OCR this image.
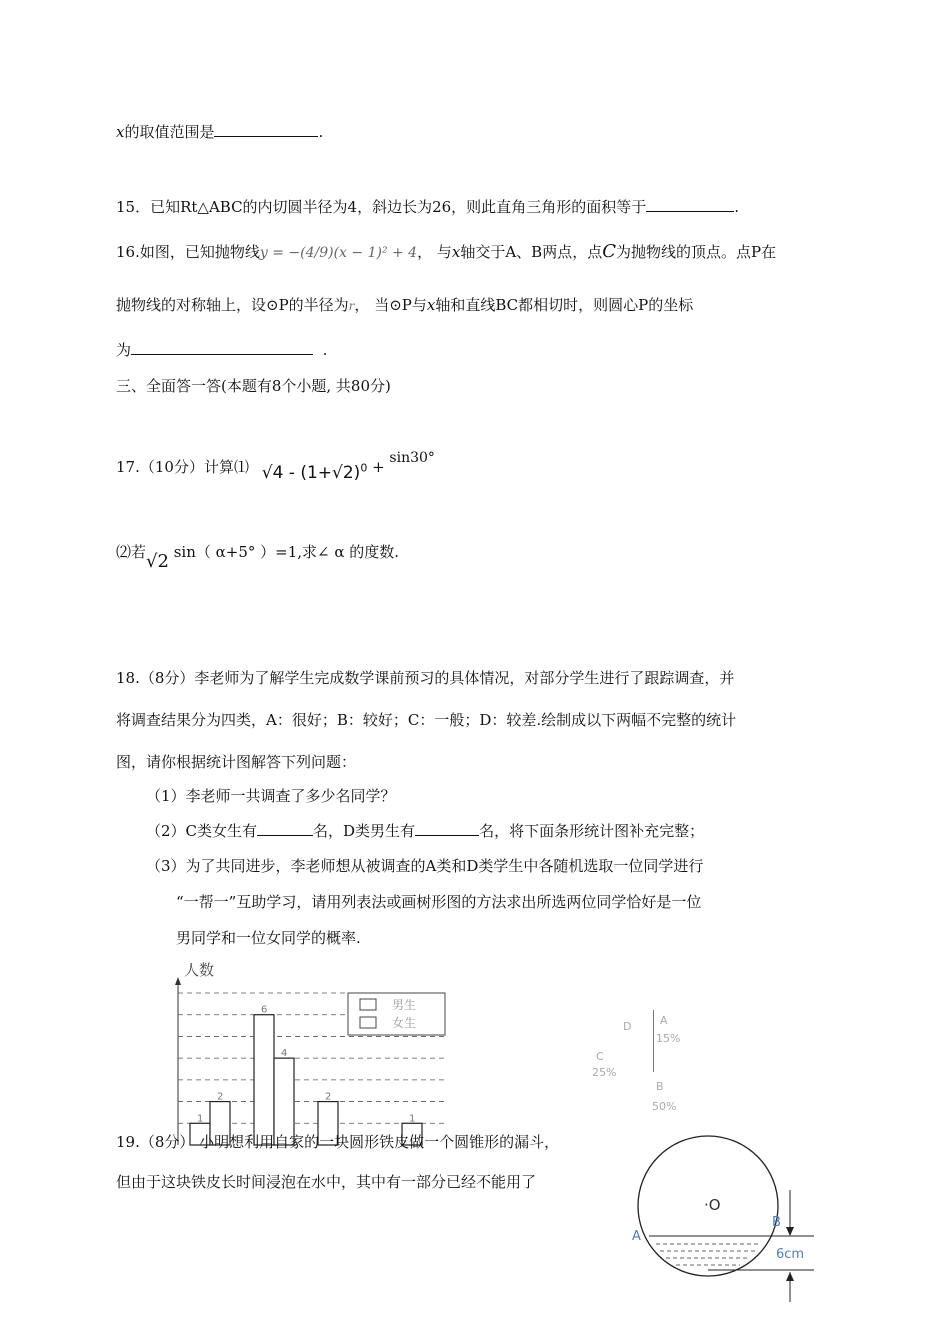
x的取值范围是	.
15．已知Rt△ABC的内切圆半径为4，斜边长为26，则此直角三角形的面积等于	.
16.如图，已知抛物线y = −(4/9)(x − 1)² + 4， 与x轴交于A、B两点，点C为抛物线的顶点。点P在
抛物线的对称轴上，设⊙P的半径为r， 当⊙P与x轴和直线BC都相切时，则圆心P的坐标
为	.
三、全面答一答(本题有8个小题, 共80分)
17.（10分）计算⑴ $√4 - (1+√2)^0 + ^{sin30^\circ}$
⑵若√2 sin（ α+5° ）=1,求∠ α 的度数.
18.（8分）李老师为了解学生完成数学课前预习的具体情况，对部分学生进行了跟踪调查，并
将调查结果分为四类，A：很好；B：较好；C：一般；D：较差.绘制成以下两幅不完整的统计
图，请你根据统计图解答下列问题：
（1）李老师一共调查了多少名同学？
（2）C类女生有	名，D类男生有	名，将下面条形统计图补充完整；
（3）为了共同进步，李老师想从被调查的A类和D类学生中各随机选取一位同学进行
“一帮一”互助学习，请用列表法或画树形图的方法求出所选两位同学恰好是一位
男同学和一位女同学的概率.
人数
1
2
6
4
2
1
男生
女生	D	A
15%
C
25%
B
50%
19.（8分） 小明想利用自家的一块圆形铁皮做一个圆锥形的漏斗，
但由于这块铁皮长时间浸泡在水中，其中有一部分已经不能用了
·O
A
B
6cm
